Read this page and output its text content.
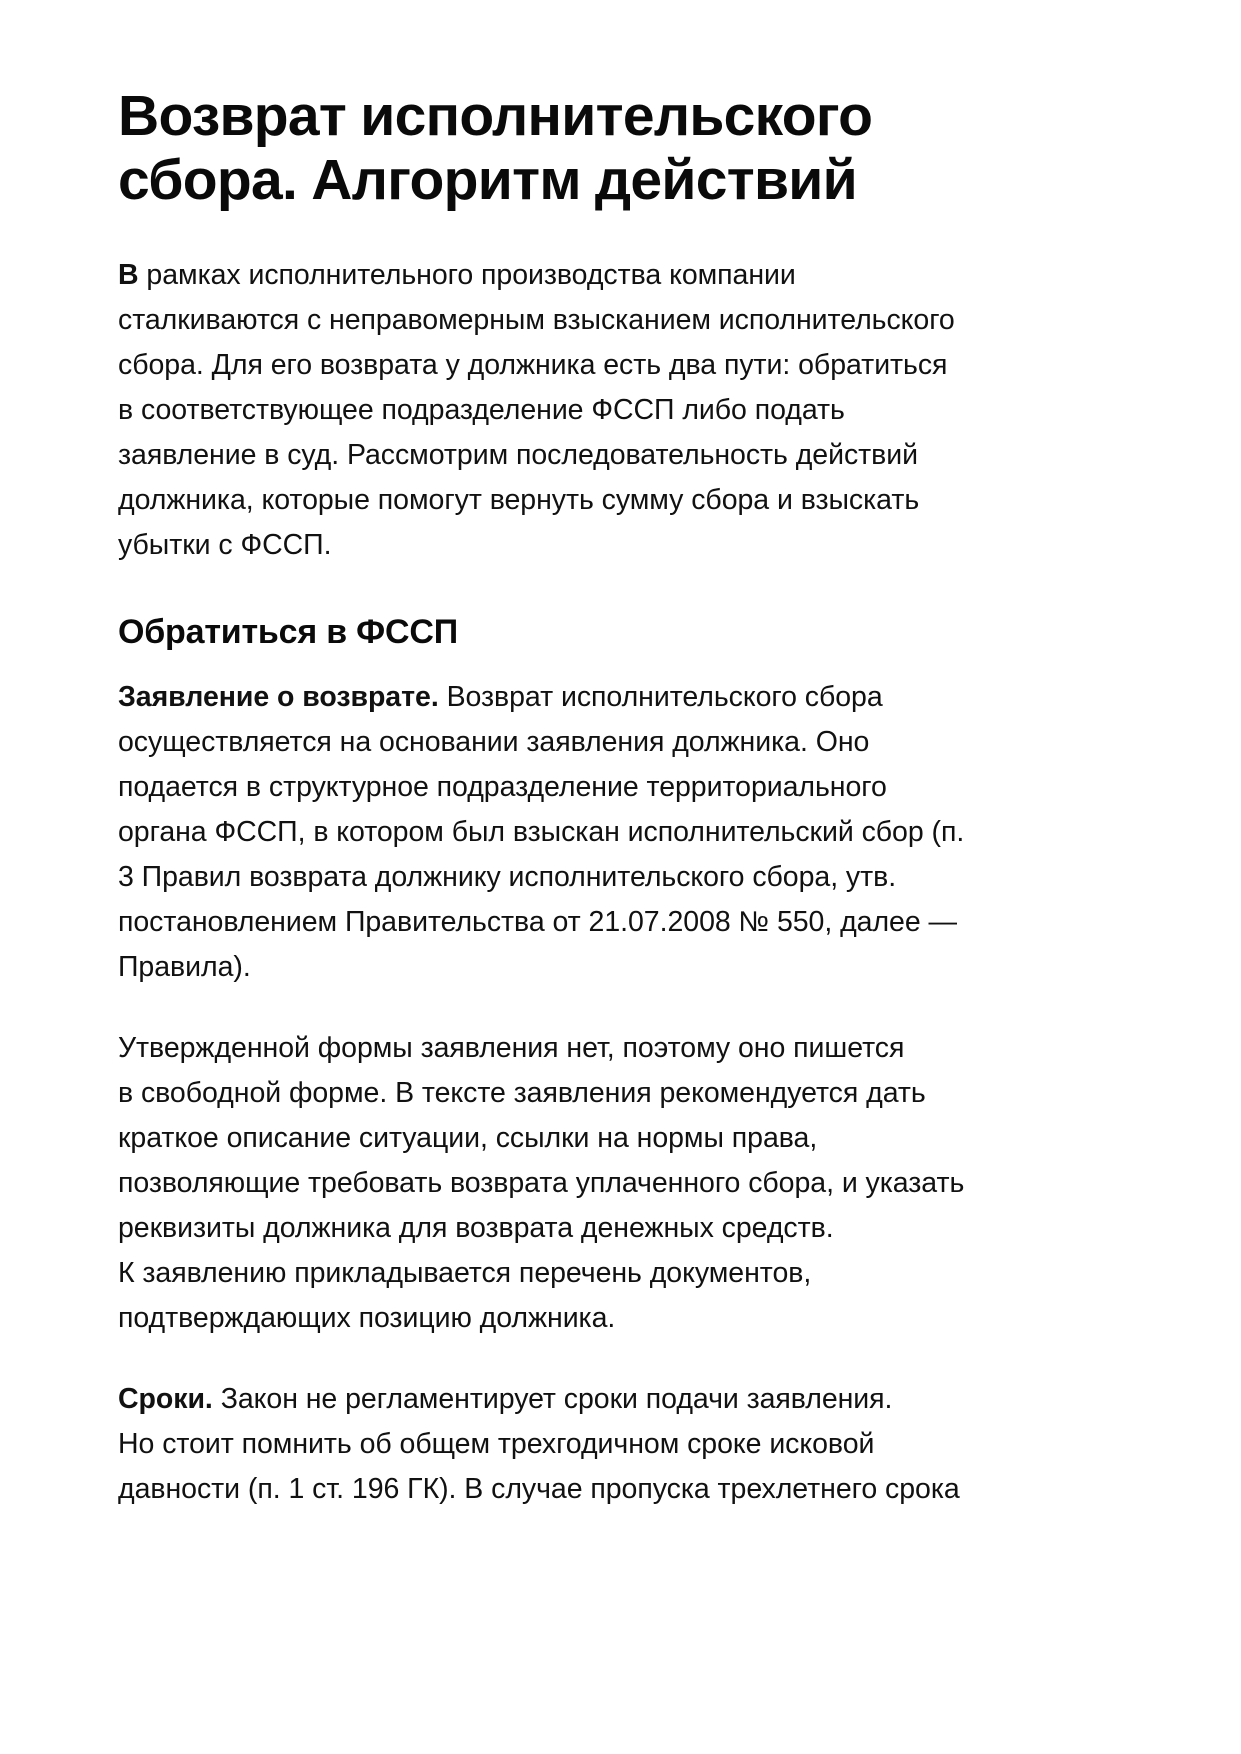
Возврат исполнительского
сбора. Алгоритм действий

В рамках исполнительного производства компании
сталкиваются с неправомерным взысканием исполнительского
сбора. Для его возврата у должника есть два пути: обратиться
в соответствующее подразделение ФССП либо подать
заявление в суд. Рассмотрим последовательность действий
должника, которые помогут вернуть сумму сбора и взыскать
убытки с ФССП.

Обратиться в ФССП

Заявление о возврате. Возврат исполнительского сбора
осуществляется на основании заявления должника. Оно
подается в структурное подразделение территориального
органа ФССП, в котором был взыскан исполнительский сбор (п.
3 Правил возврата должнику исполнительского сбора, утв.
постановлением Правительства от 21.07.2008 № 550, далее —
Правила).

Утвержденной формы заявления нет, поэтому оно пишется
в свободной форме. В тексте заявления рекомендуется дать
краткое описание ситуации, ссылки на нормы права,
позволяющие требовать возврата уплаченного сбора, и указать
реквизиты должника для возврата денежных средств.
К заявлению прикладывается перечень документов,
подтверждающих позицию должника.

Сроки. Закон не регламентирует сроки подачи заявления.
Но стоит помнить об общем трехгодичном сроке исковой
давности (п. 1 ст. 196 ГК). В случае пропуска трехлетнего срока
